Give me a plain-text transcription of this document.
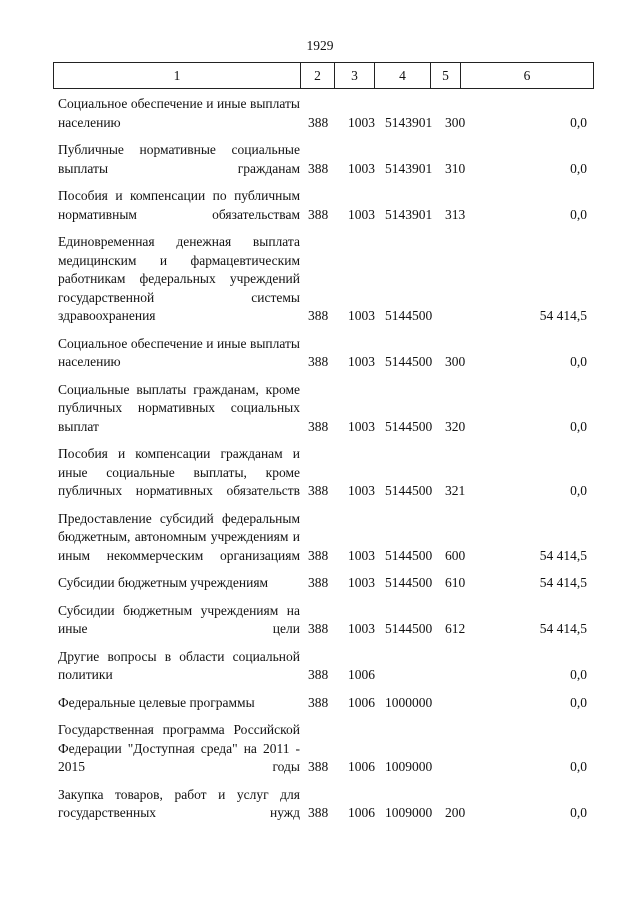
1929
1	2	3	4	5	6
Социальное обеспечение и иные выплаты населению	388 1003 5143901 300	0,0
Публичные нормативные социальные выплаты гражданам 388 1003 5143901 310	0,0
Пособия и компенсации по публичным нормативным обязательствам 388 1003 5143901 313	0,0
Единовременная денежная выплата медицинским и фармацевтическим работникам федеральных учреждений государственной системы здравоохранения	388 1003 5144500	54 414,5
Социальное обеспечение и иные выплаты населению	388 1003 5144500 300	0,0
Социальные выплаты гражданам, кроме публичных нормативных социальных выплат	388 1003 5144500 320	0,0
Пособия и компенсации гражданам и иные социальные выплаты, кроме публичных нормативных обязательств 388 1003 5144500 321	0,0
Предоставление субсидий федеральным бюджетным, автономным учреждениям и иным некоммерческим организациям 388 1003 5144500 600	54 414,5
Субсидии бюджетным учреждениям	388 1003 5144500 610	54 414,5
Субсидии бюджетным учреждениям на иные цели 388 1003 5144500 612	54 414,5
Другие вопросы в области социальной политики	388 1006	0,0
Федеральные целевые программы	388 1006 1000000	0,0
Государственная программа Российской Федерации "Доступная среда" на 2011 - 2015 годы 388 1006 1009000	0,0
Закупка товаров, работ и услуг для государственных нужд 388 1006 1009000 200	0,0
